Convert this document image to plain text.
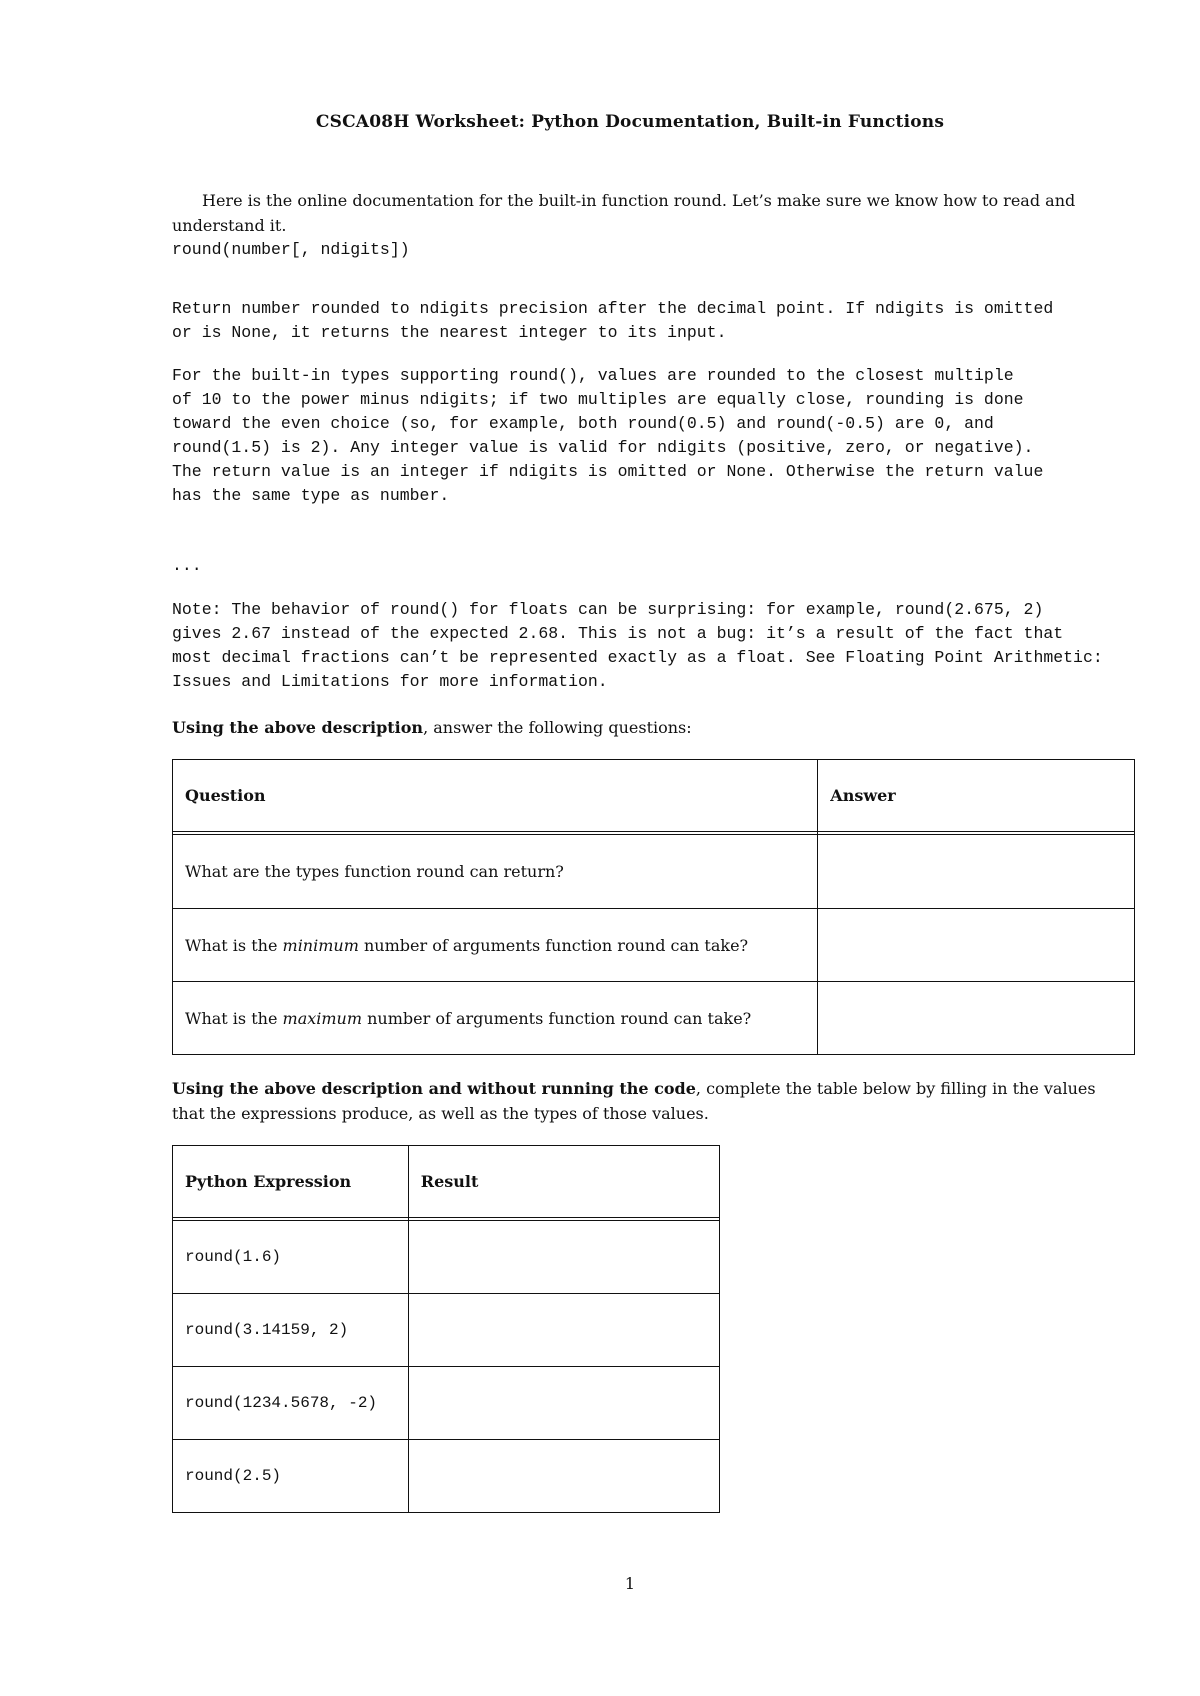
CSCA08H Worksheet: Python Documentation, Built-in Functions
Here is the online documentation for the built-in function round. Let’s make sure we know how to read and understand it.
round(number[, ndigits])
Return number rounded to ndigits precision after the decimal point. If ndigits is omitted
or is None, it returns the nearest integer to its input.
For the built-in types supporting round(), values are rounded to the closest multiple
of 10 to the power minus ndigits; if two multiples are equally close, rounding is done
toward the even choice (so, for example, both round(0.5) and round(-0.5) are 0, and
round(1.5) is 2). Any integer value is valid for ndigits (positive, zero, or negative).
The return value is an integer if ndigits is omitted or None. Otherwise the return value
has the same type as number.
...
Note: The behavior of round() for floats can be surprising: for example, round(2.675, 2)
gives 2.67 instead of the expected 2.68. This is not a bug: it’s a result of the fact that
most decimal fractions can’t be represented exactly as a float. See Floating Point Arithmetic:
Issues and Limitations for more information.
Using the above description, answer the following questions:
Question	Answer

What are the types function round can return?	
What is the minimum number of arguments function round can take?	
What is the maximum number of arguments function round can take?	
Using the above description and without running the code, complete the table below by filling in the values that the expressions produce, as well as the types of those values.
Python Expression	Result

round(1.6)	
round(3.14159, 2)	
round(1234.5678, -2)	
round(2.5)	
1
